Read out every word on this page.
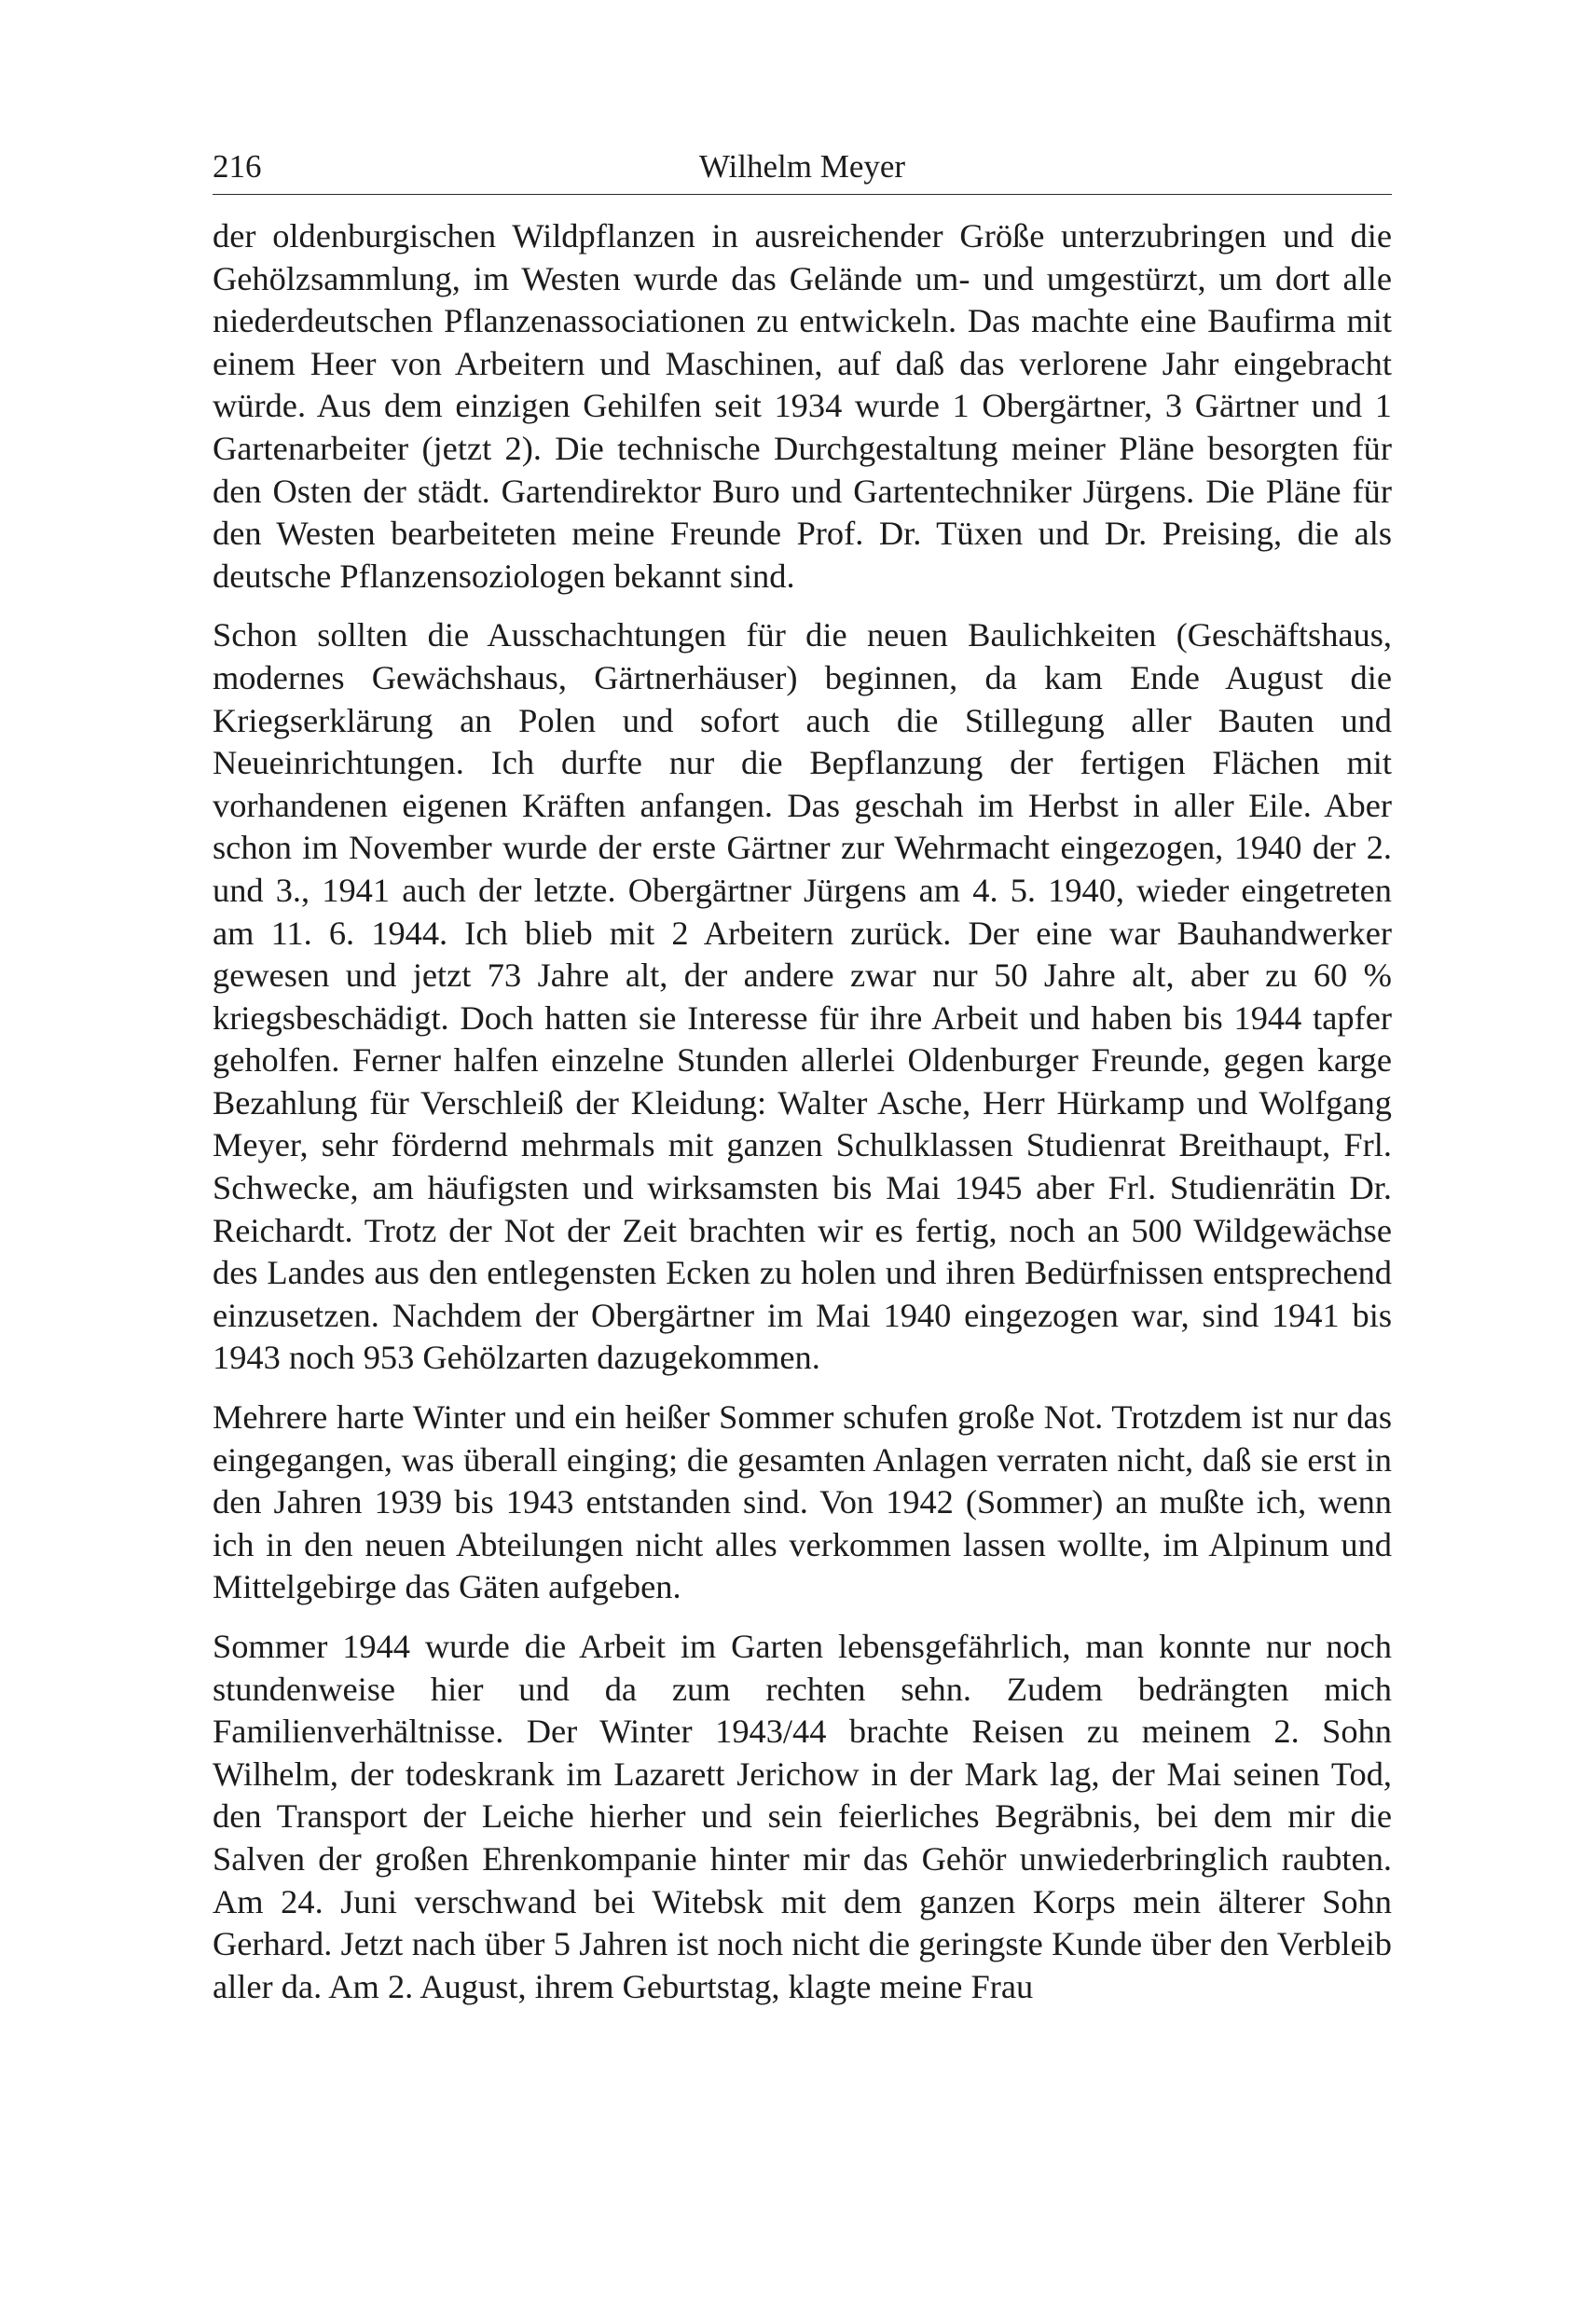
216	Wilhelm Meyer

der oldenburgischen Wildpflanzen in ausreichender Größe unterzubringen und die Gehölzsammlung, im Westen wurde das Gelände um- und umgestürzt, um dort alle niederdeutschen Pflanzenassociationen zu entwickeln. Das machte eine Baufirma mit einem Heer von Arbeitern und Maschinen, auf daß das verlorene Jahr eingebracht würde. Aus dem einzigen Gehilfen seit 1934 wurde 1 Obergärtner, 3 Gärtner und 1 Gartenarbeiter (jetzt 2). Die technische Durchgestaltung meiner Pläne besorgten für den Osten der städt. Gartendirektor Buro und Gartentechniker Jürgens. Die Pläne für den Westen bearbeiteten meine Freunde Prof. Dr. Tüxen und Dr. Preising, die als deutsche Pflanzensoziologen bekannt sind.

Schon sollten die Ausschachtungen für die neuen Baulichkeiten (Geschäftshaus, modernes Gewächshaus, Gärtnerhäuser) beginnen, da kam Ende August die Kriegserklärung an Polen und sofort auch die Stillegung aller Bauten und Neueinrichtungen. Ich durfte nur die Bepflanzung der fertigen Flächen mit vorhandenen eigenen Kräften anfangen. Das geschah im Herbst in aller Eile. Aber schon im November wurde der erste Gärtner zur Wehrmacht eingezogen, 1940 der 2. und 3., 1941 auch der letzte. Obergärtner Jürgens am 4. 5. 1940, wieder eingetreten am 11. 6. 1944. Ich blieb mit 2 Arbeitern zurück. Der eine war Bauhandwerker gewesen und jetzt 73 Jahre alt, der andere zwar nur 50 Jahre alt, aber zu 60 % kriegsbeschädigt. Doch hatten sie Interesse für ihre Arbeit und haben bis 1944 tapfer geholfen. Ferner halfen einzelne Stunden allerlei Oldenburger Freunde, gegen karge Bezahlung für Verschleiß der Kleidung: Walter Asche, Herr Hürkamp und Wolfgang Meyer, sehr fördernd mehrmals mit ganzen Schulklassen Studienrat Breithaupt, Frl. Schwecke, am häufigsten und wirksamsten bis Mai 1945 aber Frl. Studienrätin Dr. Reichardt. Trotz der Not der Zeit brachten wir es fertig, noch an 500 Wildgewächse des Landes aus den entlegensten Ecken zu holen und ihren Bedürfnissen entsprechend einzusetzen. Nachdem der Obergärtner im Mai 1940 eingezogen war, sind 1941 bis 1943 noch 953 Gehölzarten dazugekommen.

Mehrere harte Winter und ein heißer Sommer schufen große Not. Trotzdem ist nur das eingegangen, was überall einging; die gesamten Anlagen verraten nicht, daß sie erst in den Jahren 1939 bis 1943 entstanden sind. Von 1942 (Sommer) an mußte ich, wenn ich in den neuen Abteilungen nicht alles verkommen lassen wollte, im Alpinum und Mittelgebirge das Gäten aufgeben.

Sommer 1944 wurde die Arbeit im Garten lebensgefährlich, man konnte nur noch stundenweise hier und da zum rechten sehn. Zudem bedrängten mich Familienverhältnisse. Der Winter 1943/44 brachte Reisen zu meinem 2. Sohn Wilhelm, der todeskrank im Lazarett Jerichow in der Mark lag, der Mai seinen Tod, den Transport der Leiche hierher und sein feierliches Begräbnis, bei dem mir die Salven der großen Ehrenkompanie hinter mir das Gehör unwiederbringlich raubten. Am 24. Juni verschwand bei Witebsk mit dem ganzen Korps mein älterer Sohn Gerhard. Jetzt nach über 5 Jahren ist noch nicht die geringste Kunde über den Verbleib aller da. Am 2. August, ihrem Geburtstag, klagte meine Frau
